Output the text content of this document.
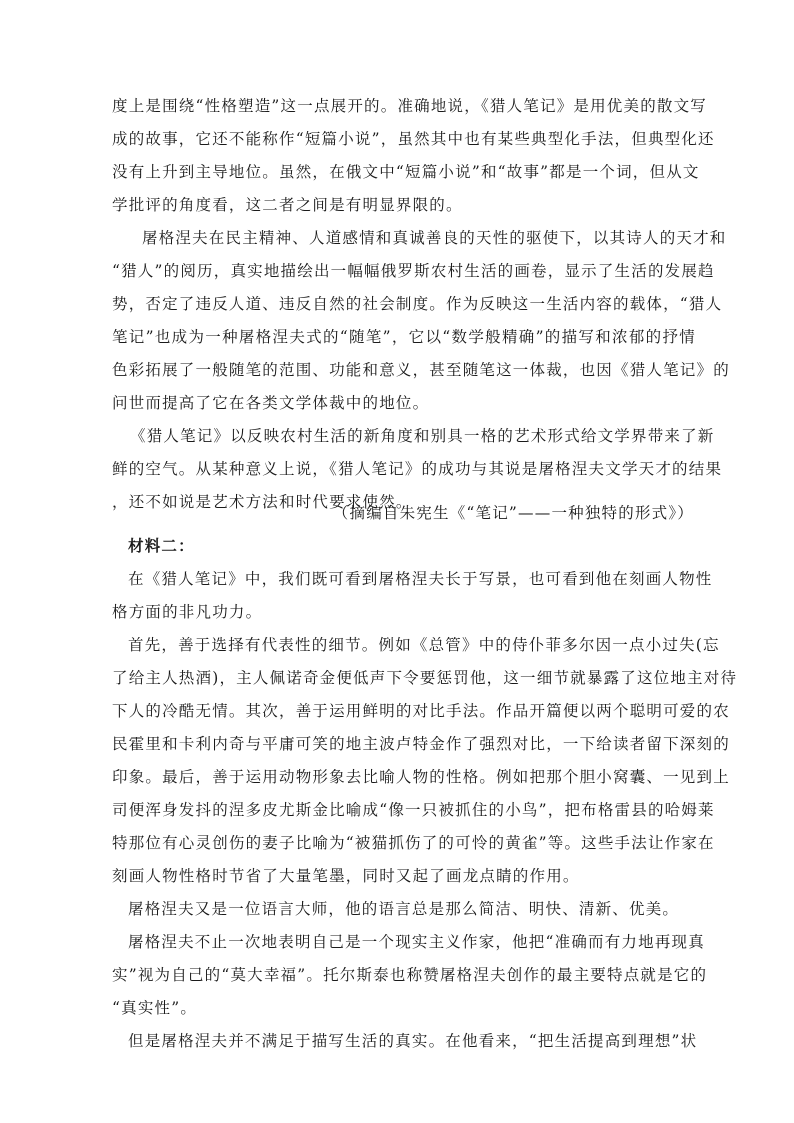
度上是围绕“性格塑造”这一点展开的。准确地说，《猎人笔记》是用优美的散文写
成的故事，它还不能称作“短篇小说”，虽然其中也有某些典型化手法，但典型化还
没有上升到主导地位。虽然，在俄文中“短篇小说”和“故事”都是一个词，但从文
学批评的角度看，这二者之间是有明显界限的。
屠格涅夫在民主精神、人道感情和真诚善良的天性的驱使下，以其诗人的天才和
“猎人”的阅历，真实地描绘出一幅幅俄罗斯农村生活的画卷，显示了生活的发展趋
势，否定了违反人道、违反自然的社会制度。作为反映这一生活内容的载体，“猎人
笔记”也成为一种屠格涅夫式的“随笔”，它以“数学般精确”的描写和浓郁的抒情
色彩拓展了一般随笔的范围、功能和意义，甚至随笔这一体裁，也因《猎人笔记》的
问世而提高了它在各类文学体裁中的地位。
《猎人笔记》以反映农村生活的新角度和别具一格的艺术形式给文学界带来了新
鲜的空气。从某种意义上说，《猎人笔记》的成功与其说是屠格涅夫文学天才的结果
，还不如说是艺术方法和时代要求使然。
（摘编自朱宪生《“笔记”——一种独特的形式》）
材料二：
在《猎人笔记》中，我们既可看到屠格涅夫长于写景，也可看到他在刻画人物性
格方面的非凡功力。
首先，善于选择有代表性的细节。例如《总管》中的侍仆菲多尔因一点小过失(忘
了给主人热酒)，主人佩诺奇金便低声下令要惩罚他，这一细节就暴露了这位地主对待
下人的冷酷无情。其次，善于运用鲜明的对比手法。作品开篇便以两个聪明可爱的农
民霍里和卡利内奇与平庸可笑的地主波卢特金作了强烈对比，一下给读者留下深刻的
印象。最后，善于运用动物形象去比喻人物的性格。例如把那个胆小窝囊、一见到上
司便浑身发抖的涅多皮尤斯金比喻成“像一只被抓住的小鸟”，把布格雷县的哈姆莱
特那位有心灵创伤的妻子比喻为“被猫抓伤了的可怜的黄雀”等。这些手法让作家在
刻画人物性格时节省了大量笔墨，同时又起了画龙点睛的作用。
屠格涅夫又是一位语言大师，他的语言总是那么简洁、明快、清新、优美。
屠格涅夫不止一次地表明自己是一个现实主义作家，他把“准确而有力地再现真
实”视为自己的“莫大幸福”。托尔斯泰也称赞屠格涅夫创作的最主要特点就是它的
“真实性”。
但是屠格涅夫并不满足于描写生活的真实。在他看来，“把生活提高到理想”状
